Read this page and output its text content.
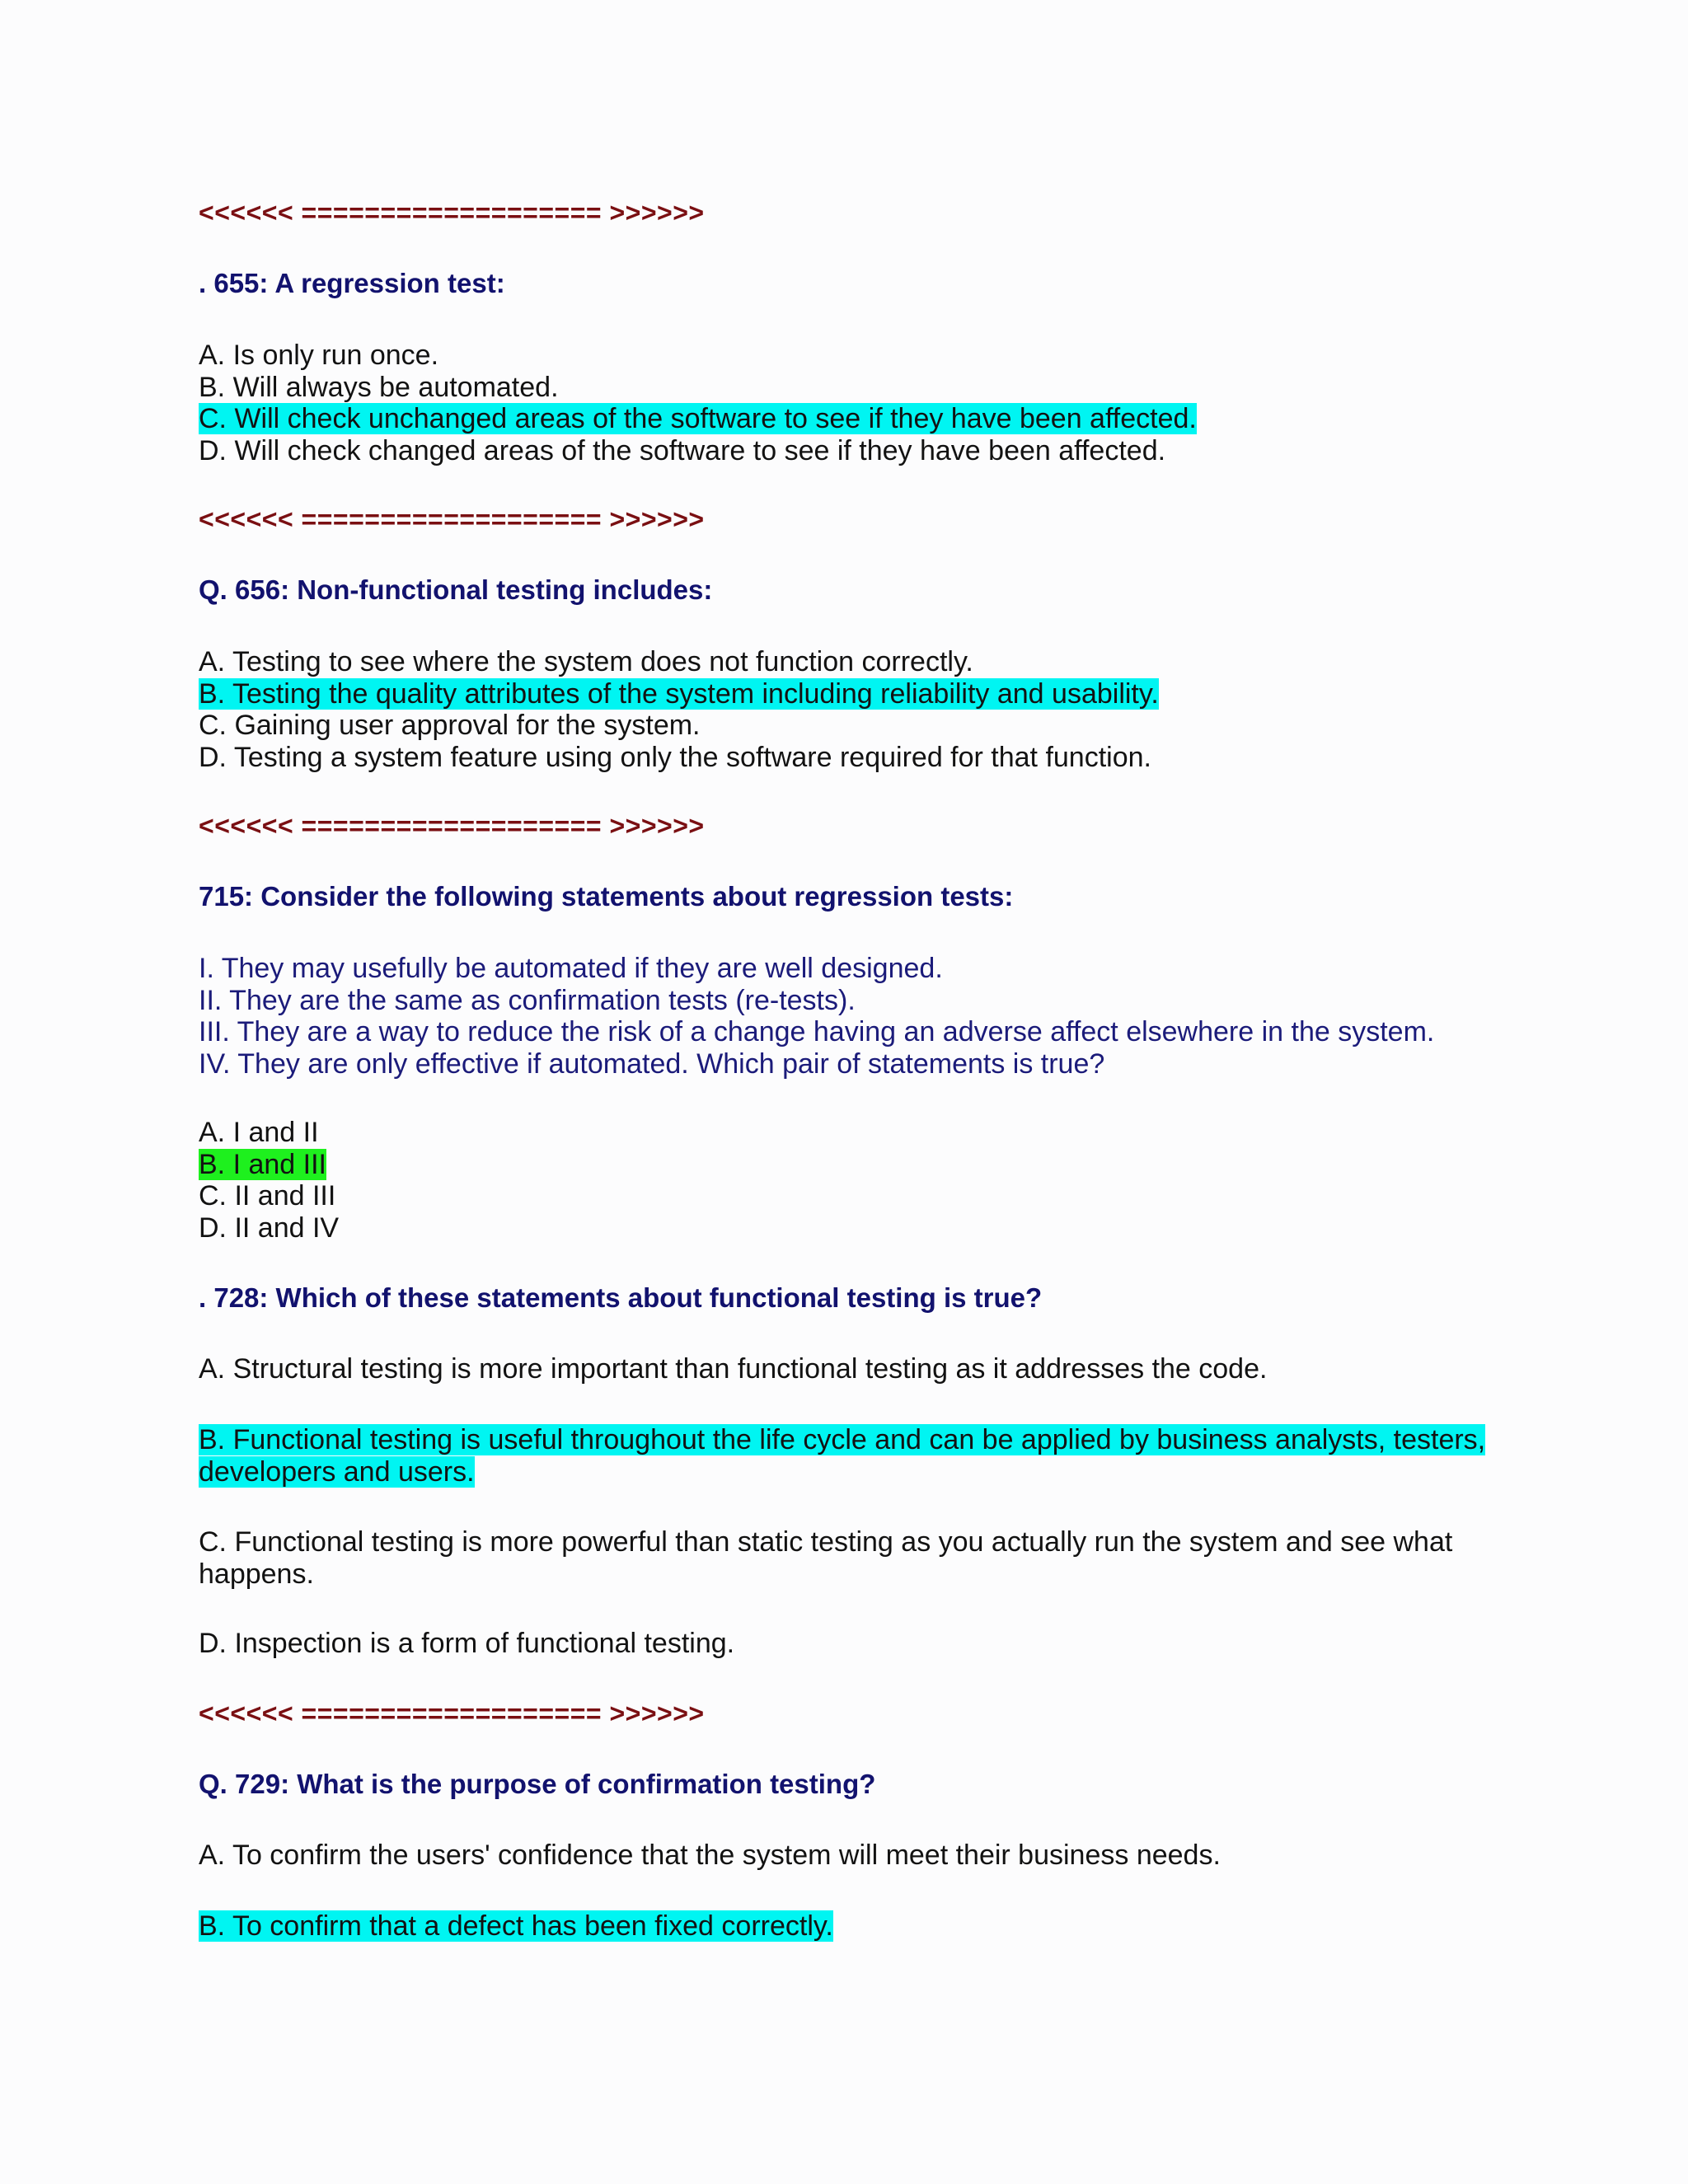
<<<<<< =================== >>>>>>
. 655: A regression test:
A. Is only run once.
B. Will always be automated.
C. Will check unchanged areas of the software to see if they have been affected.
D. Will check changed areas of the software to see if they have been affected.
<<<<<< =================== >>>>>>
Q. 656: Non-functional testing includes:
A. Testing to see where the system does not function correctly.
B. Testing the quality attributes of the system including reliability and usability.
C. Gaining user approval for the system.
D. Testing a system feature using only the software required for that function.
<<<<<< =================== >>>>>>
715: Consider the following statements about regression tests:
I. They may usefully be automated if they are well designed.
II. They are the same as confirmation tests (re-tests).
III. They are a way to reduce the risk of a change having an adverse affect elsewhere in the system.
IV. They are only effective if automated. Which pair of statements is true?
A. I and II
B. I and III
C. II and III
D. II and IV
. 728: Which of these statements about functional testing is true?
A. Structural testing is more important than functional testing as it addresses the code.
B. Functional testing is useful throughout the life cycle and can be applied by business analysts, testers,
developers and users.
C. Functional testing is more powerful than static testing as you actually run the system and see what
happens.
D. Inspection is a form of functional testing.
<<<<<< =================== >>>>>>
Q. 729: What is the purpose of confirmation testing?
A. To confirm the users' confidence that the system will meet their business needs.
B. To confirm that a defect has been fixed correctly.
